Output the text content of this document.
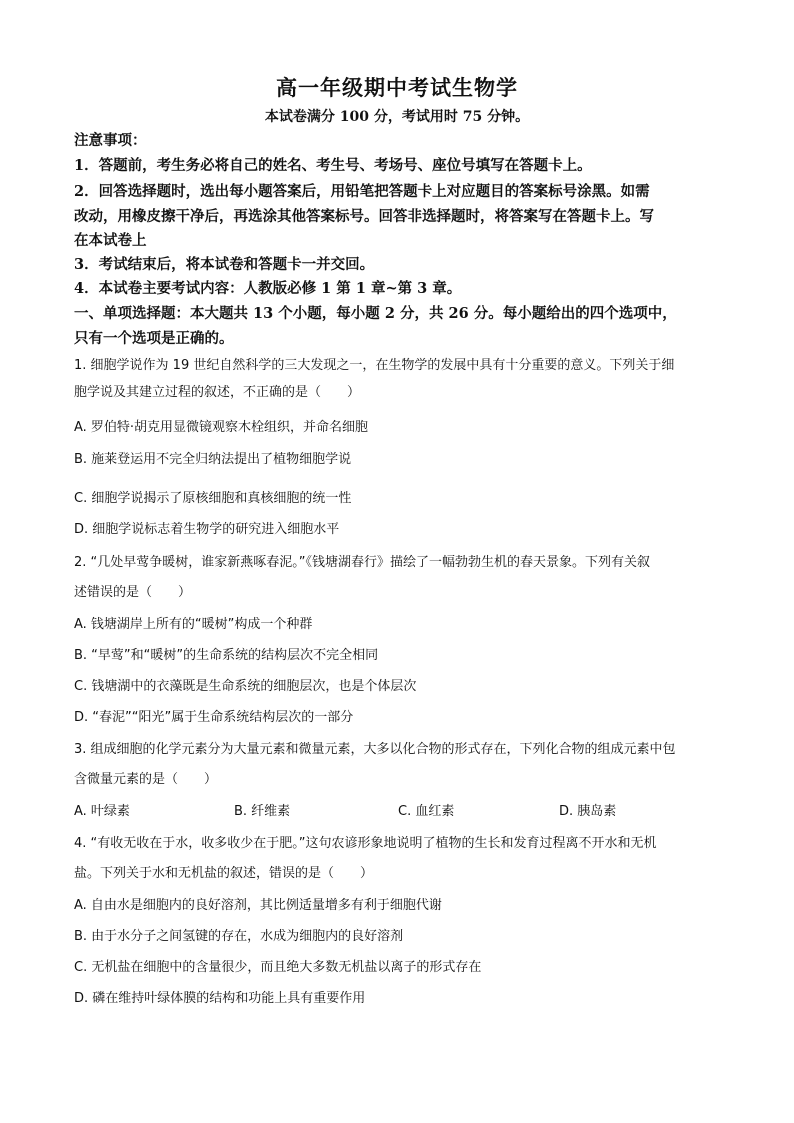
高一年级期中考试生物学
本试卷满分 100 分，考试用时 75 分钟。
注意事项：
1．答题前，考生务必将自己的姓名、考生号、考场号、座位号填写在答题卡上。
2．回答选择题时，选出每小题答案后，用铅笔把答题卡上对应题目的答案标号涂黑。如需
改动，用橡皮擦干净后，再选涂其他答案标号。回答非选择题时，将答案写在答题卡上。写
在本试卷上
3．考试结束后，将本试卷和答题卡一并交回。
4．本试卷主要考试内容：人教版必修 1 第 1 章~第 3 章。
一、单项选择题：本大题共 13 个小题，每小题 2 分，共 26 分。每小题给出的四个选项中，
只有一个选项是正确的。
1. 细胞学说作为 19 世纪自然科学的三大发现之一，在生物学的发展中具有十分重要的意义。下列关于细
胞学说及其建立过程的叙述，不正确的是（　　）
A. 罗伯特·胡克用显微镜观察木栓组织，并命名细胞
B. 施莱登运用不完全归纳法提出了植物细胞学说
C. 细胞学说揭示了原核细胞和真核细胞的统一性
D. 细胞学说标志着生物学的研究进入细胞水平
2. “几处早莺争暖树，谁家新燕啄春泥。”《钱塘湖春行》描绘了一幅勃勃生机的春天景象。下列有关叙
述错误的是（　　）
A. 钱塘湖岸上所有的“暖树”构成一个种群
B. “早莺”和“暖树”的生命系统的结构层次不完全相同
C. 钱塘湖中的衣藻既是生命系统的细胞层次，也是个体层次
D. “春泥”“阳光”属于生命系统结构层次的一部分
3. 组成细胞的化学元素分为大量元素和微量元素，大多以化合物的形式存在，下列化合物的组成元素中包
含微量元素的是（　　）
A. 叶绿素	B. 纤维素	C. 血红素	D. 胰岛素
4. “有收无收在于水，收多收少在于肥。”这句农谚形象地说明了植物的生长和发育过程离不开水和无机
盐。下列关于水和无机盐的叙述，错误的是（　　）
A. 自由水是细胞内的良好溶剂，其比例适量增多有利于细胞代谢
B. 由于水分子之间氢键的存在，水成为细胞内的良好溶剂
C. 无机盐在细胞中的含量很少，而且绝大多数无机盐以离子的形式存在
D. 磷在维持叶绿体膜的结构和功能上具有重要作用
